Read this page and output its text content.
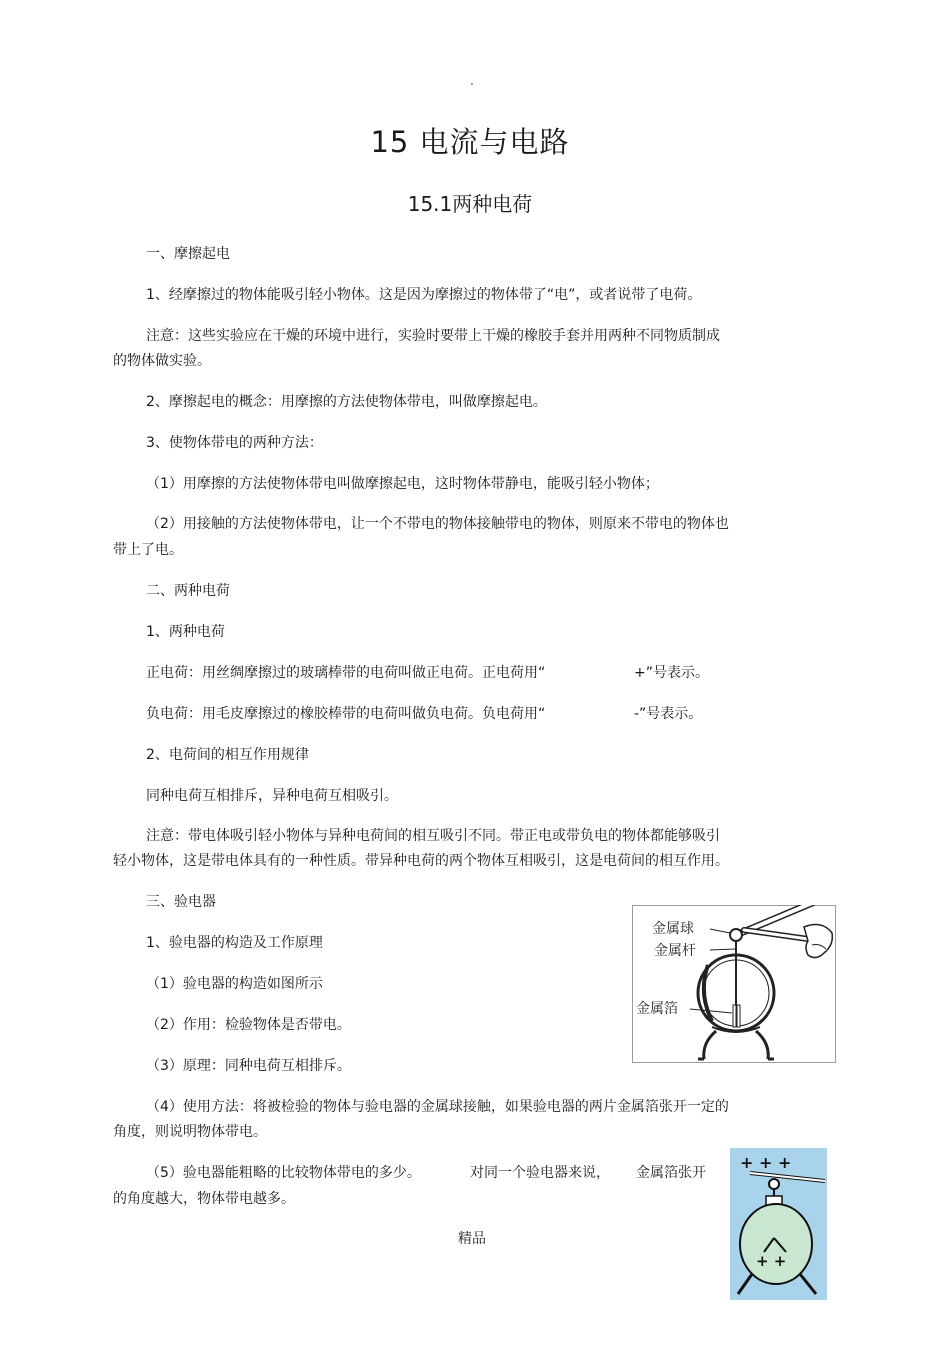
.
15 电流与电路
15.1两种电荷
一、摩擦起电
1、经摩擦过的物体能吸引轻小物体。这是因为摩擦过的物体带了“电”，或者说带了电荷。
注意：这些实验应在干燥的环境中进行，实验时要带上干燥的橡胶手套并用两种不同物质制成
的物体做实验。
2、摩擦起电的概念：用摩擦的方法使物体带电，叫做摩擦起电。
3、使物体带电的两种方法：
（1）用摩擦的方法使物体带电叫做摩擦起电，这时物体带静电，能吸引轻小物体；
（2）用接触的方法使物体带电，让一个不带电的物体接触带电的物体，则原来不带电的物体也
带上了电。
二、两种电荷
1、两种电荷
正电荷：用丝绸摩擦过的玻璃棒带的电荷叫做正电荷。正电荷用“	+”号表示。
负电荷：用毛皮摩擦过的橡胶棒带的电荷叫做负电荷。负电荷用“	-”号表示。
2、电荷间的相互作用规律
同种电荷互相排斥，异种电荷互相吸引。
注意：带电体吸引轻小物体与异种电荷间的相互吸引不同。带正电或带负电的物体都能够吸引
轻小物体，这是带电体具有的一种性质。带异种电荷的两个物体互相吸引，这是电荷间的相互作用。
三、验电器
1、验电器的构造及工作原理
（1）验电器的构造如图所示
（2）作用：检验物体是否带电。
（3）原理：同种电荷互相排斥。
（4）使用方法：将被检验的物体与验电器的金属球接触，如果验电器的两片金属箔张开一定的
角度，则说明物体带电。
（5）验电器能粗略的比较物体带电的多少。	对同一个验电器来说， 金属箔张开
的角度越大，物体带电越多。
金属球
金属杆
金属箔
+ + +
+ +
精品
